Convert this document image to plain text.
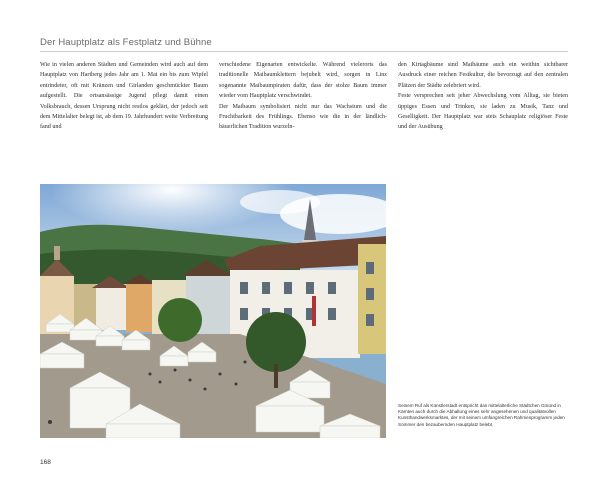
Der Hauptplatz als Festplatz und Bühne

Wie in vielen anderen Städten und Gemeinden wird auch auf dem Hauptplatz von Hartberg jedes Jahr am 1. Mai ein bis zum Wipfel entrindeter, oft mit Kränzen und Girlanden geschmückter Baum aufgestellt. Die ortsansässige Jugend pflegt damit einen Volksbrauch, dessen Ursprung nicht restlos geklärt, der jedoch seit dem Mittelalter belegt ist, ab dem 19. Jahrhundert weite Verbreitung fand und

verschiedene Eigenarten entwickelte. Während vielerorts das traditionelle Maibaumklettern bejubelt wird, sorgen in Linz sogenannte Maibaumpiraten dafür, dass der stolze Baum immer wieder vom Hauptplatz verschwindet.

Der Maibaum symbolisiert nicht nur das Wachstum und die Fruchtbarkeit des Frühlings. Ebenso wie die in der ländlich-bäuerlichen Tradition wurzeln-

den Kirtagbäume sind Maibäume auch ein weithin sichtbarer Ausdruck einer reichen Festkultur, die bevorzugt auf den zentralen Plätzen der Städte zelebriert wird.

Feste versprechen seit jeher Abwechslung vom Alltag, sie bieten üppiges Essen und Trinken, sie laden zu Musik, Tanz und Geselligkeit. Der Hauptplatz war stets Schauplatz religiöser Feste und der Ausübung

Seinem Ruf als Künstlerstadt entspricht das mittelalterliche Städtchen Gmünd in Kärnten auch durch die Abhaltung eines sehr angesehenen und qualitätvollen Kunsthandwerksmarktes, der mit seinem umfangreichen Rahmenprogramm jeden Sommer den bezaubernden Hauptplatz belebt.
168
